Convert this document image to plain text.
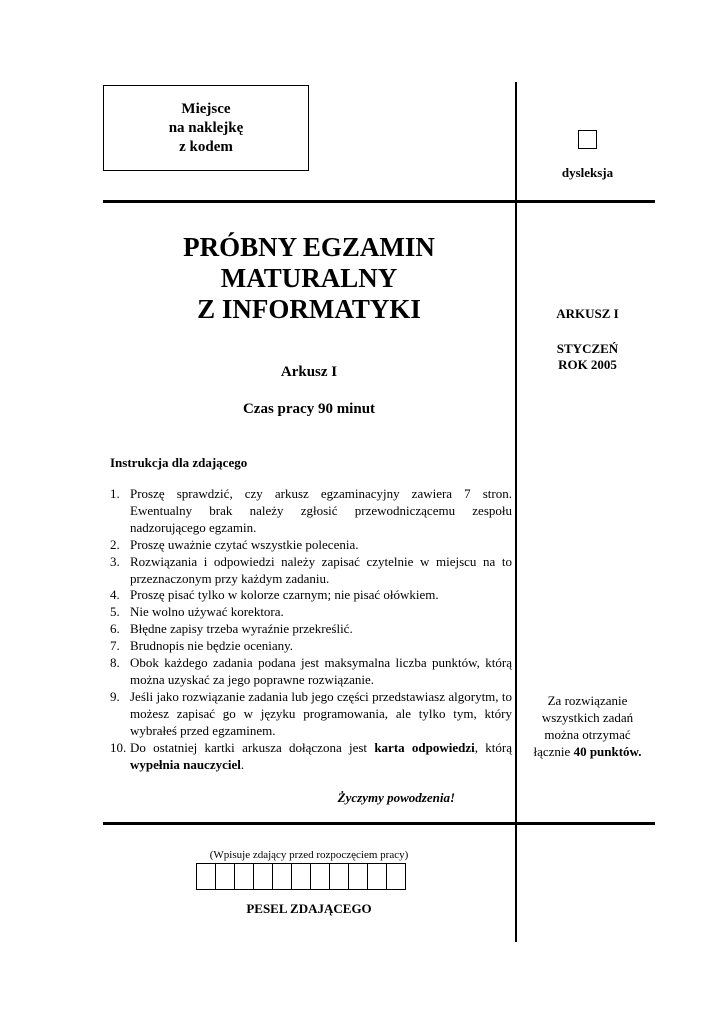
Miejsce
na naklejkę
z kodem
dysleksja
PRÓBNY EGZAMIN
MATURALNY
Z INFORMATYKI
Arkusz I
Czas pracy 90 minut
ARKUSZ I
STYCZEŃ
ROK 2005
Za rozwiązanie
wszystkich zadań
można otrzymać
łącznie 40 punktów.
Instrukcja dla zdającego
1. Proszę sprawdzić, czy arkusz egzaminacyjny zawiera 7 stron. Ewentualny brak należy zgłosić przewodniczącemu zespołu nadzorującego egzamin.
2. Proszę uważnie czytać wszystkie polecenia.
3. Rozwiązania i odpowiedzi należy zapisać czytelnie w miejscu na to przeznaczonym przy każdym zadaniu.
4. Proszę pisać tylko w kolorze czarnym; nie pisać ołówkiem.
5. Nie wolno używać korektora.
6. Błędne zapisy trzeba wyraźnie przekreślić.
7. Brudnopis nie będzie oceniany.
8. Obok każdego zadania podana jest maksymalna liczba punktów, którą można uzyskać za jego poprawne rozwiązanie.
9. Jeśli jako rozwiązanie zadania lub jego części przedstawiasz algorytm, to możesz zapisać go w języku programowania, ale tylko tym, który wybrałeś przed egzaminem.
10. Do ostatniej kartki arkusza dołączona jest karta odpowiedzi, którą wypełnia nauczyciel.
Życzymy powodzenia!
(Wpisuje zdający przed rozpoczęciem pracy)
PESEL ZDAJĄCEGO
